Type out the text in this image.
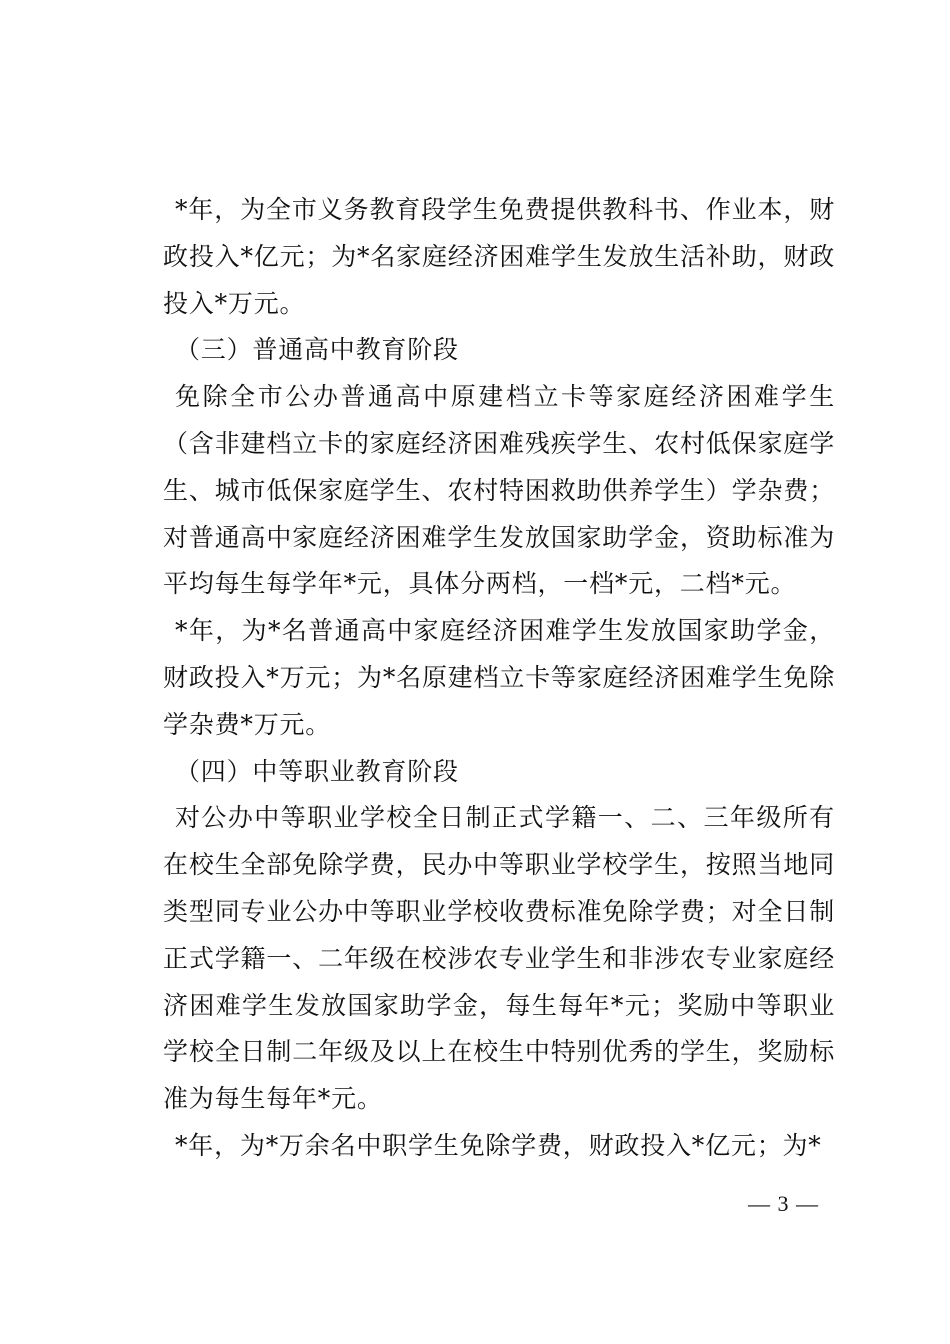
*年，为全市义务教育段学生免费提供教科书、作业本，财政投入*亿元；为*名家庭经济困难学生发放生活补助，财政投入*万元。

（三）普通高中教育阶段

免除全市公办普通高中原建档立卡等家庭经济困难学生（含非建档立卡的家庭经济困难残疾学生、农村低保家庭学生、城市低保家庭学生、农村特困救助供养学生）学杂费；对普通高中家庭经济困难学生发放国家助学金，资助标准为平均每生每学年*元，具体分两档，一档*元，二档*元。

*年，为*名普通高中家庭经济困难学生发放国家助学金，财政投入*万元；为*名原建档立卡等家庭经济困难学生免除学杂费*万元。

（四）中等职业教育阶段

对公办中等职业学校全日制正式学籍一、二、三年级所有在校生全部免除学费，民办中等职业学校学生，按照当地同类型同专业公办中等职业学校收费标准免除学费；对全日制正式学籍一、二年级在校涉农专业学生和非涉农专业家庭经济困难学生发放国家助学金，每生每年*元；奖励中等职业学校全日制二年级及以上在校生中特别优秀的学生，奖励标准为每生每年*元。

*年，为*万余名中职学生免除学费，财政投入*亿元；为*

— 3 —
